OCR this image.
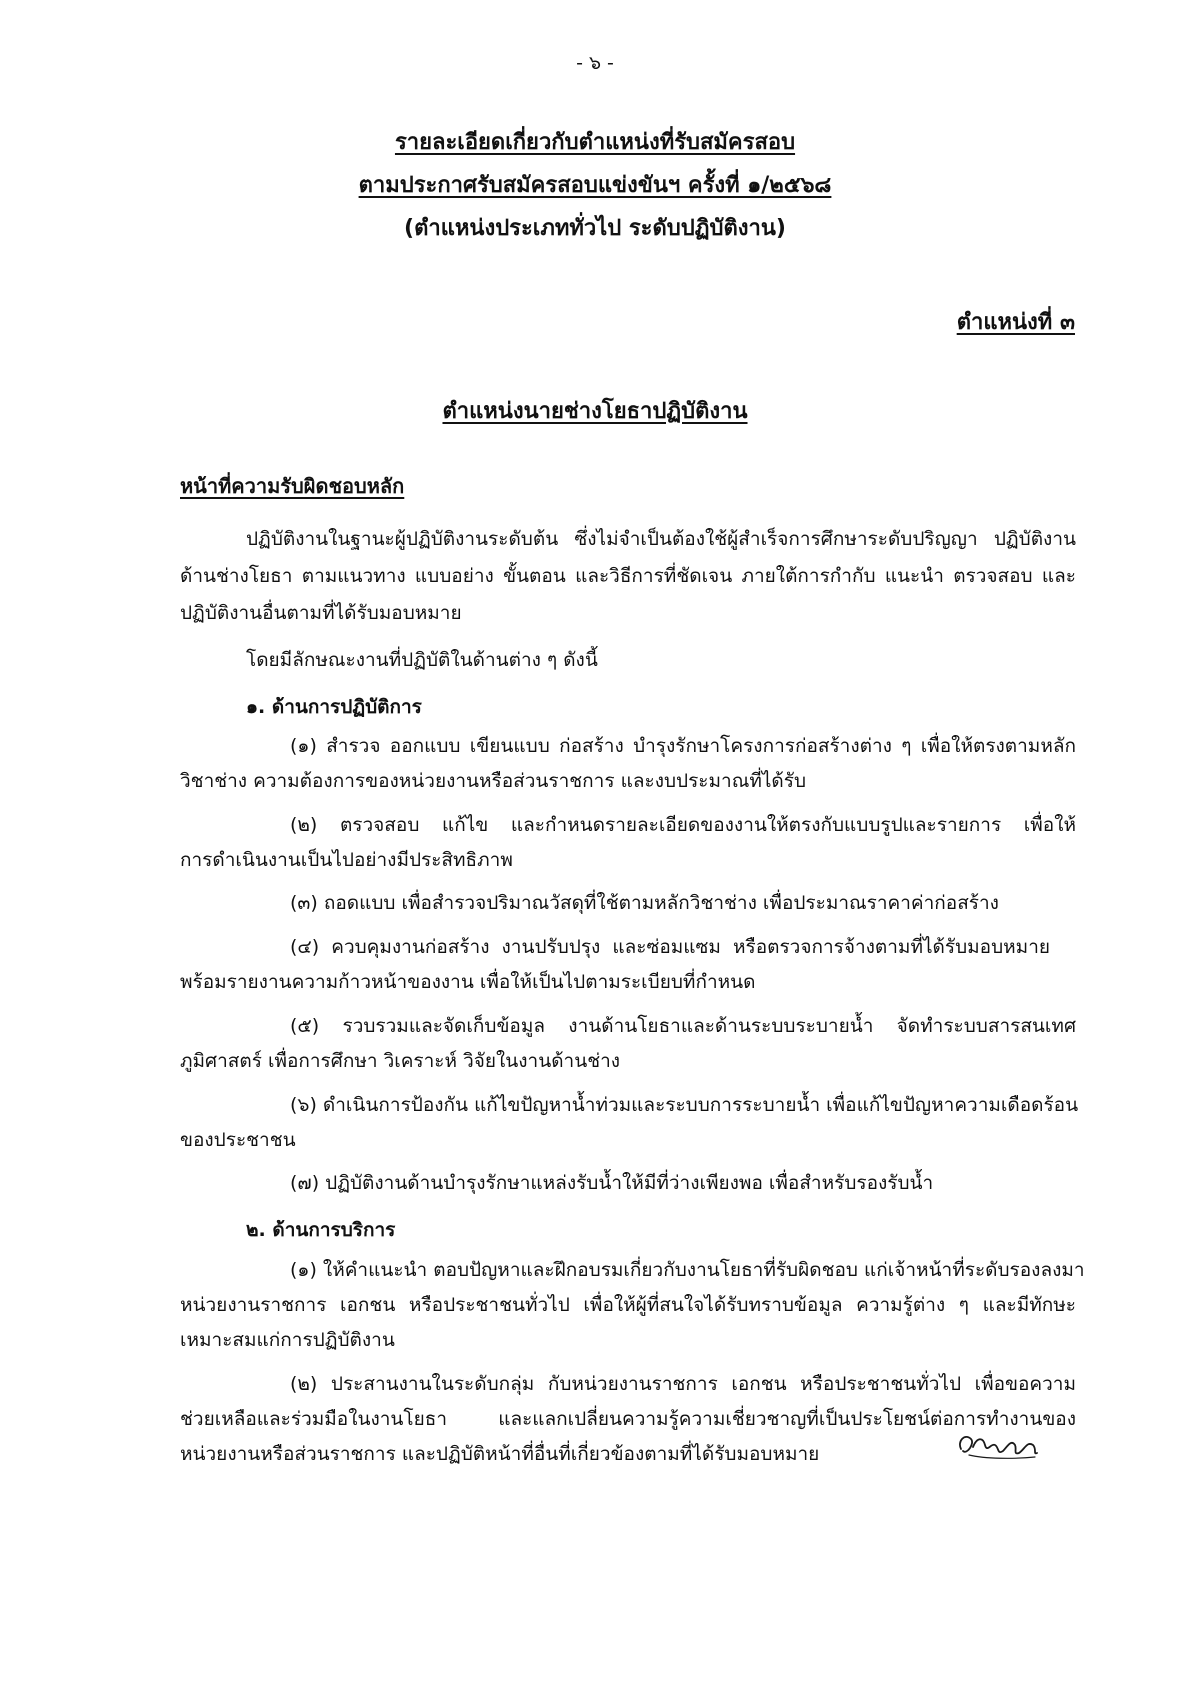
- ๖ -
รายละเอียดเกี่ยวกับตำแหน่งที่รับสมัครสอบ
ตามประกาศรับสมัครสอบแข่งขันฯ ครั้งที่ ๑/๒๕๖๘
(ตำแหน่งประเภททั่วไป ระดับปฏิบัติงาน)
ตำแหน่งที่ ๓
ตำแหน่งนายช่างโยธาปฏิบัติงาน
หน้าที่ความรับผิดชอบหลัก
ปฏิบัติงานในฐานะผู้ปฏิบัติงานระดับต้น ซึ่งไม่จำเป็นต้องใช้ผู้สำเร็จการศึกษาระดับปริญญา ปฏิบัติงาน
ด้านช่างโยธา ตามแนวทาง แบบอย่าง ขั้นตอน และวิธีการที่ชัดเจน ภายใต้การกำกับ แนะนำ ตรวจสอบ และ
ปฏิบัติงานอื่นตามที่ได้รับมอบหมาย
โดยมีลักษณะงานที่ปฏิบัติในด้านต่าง ๆ ดังนี้
๑. ด้านการปฏิบัติการ
(๑) สำรวจ ออกแบบ เขียนแบบ ก่อสร้าง บำรุงรักษาโครงการก่อสร้างต่าง ๆ เพื่อให้ตรงตามหลัก
วิชาช่าง ความต้องการของหน่วยงานหรือส่วนราชการ และงบประมาณที่ได้รับ
(๒) ตรวจสอบ แก้ไข และกำหนดรายละเอียดของงานให้ตรงกับแบบรูปและรายการ เพื่อให้
การดำเนินงานเป็นไปอย่างมีประสิทธิภาพ
(๓) ถอดแบบ เพื่อสำรวจปริมาณวัสดุที่ใช้ตามหลักวิชาช่าง เพื่อประมาณราคาค่าก่อสร้าง
(๔) ควบคุมงานก่อสร้าง งานปรับปรุง และซ่อมแซม หรือตรวจการจ้างตามที่ได้รับมอบหมาย
พร้อมรายงานความก้าวหน้าของงาน เพื่อให้เป็นไปตามระเบียบที่กำหนด
(๕) รวบรวมและจัดเก็บข้อมูล งานด้านโยธาและด้านระบบระบายน้ำ จัดทำระบบสารสนเทศ
ภูมิศาสตร์ เพื่อการศึกษา วิเคราะห์ วิจัยในงานด้านช่าง
(๖) ดำเนินการป้องกัน แก้ไขปัญหาน้ำท่วมและระบบการระบายน้ำ เพื่อแก้ไขปัญหาความเดือดร้อน
ของประชาชน
(๗) ปฏิบัติงานด้านบำรุงรักษาแหล่งรับน้ำให้มีที่ว่างเพียงพอ เพื่อสำหรับรองรับน้ำ
๒. ด้านการบริการ
(๑) ให้คำแนะนำ ตอบปัญหาและฝึกอบรมเกี่ยวกับงานโยธาที่รับผิดชอบ แก่เจ้าหน้าที่ระดับรองลงมา
หน่วยงานราชการ เอกชน หรือประชาชนทั่วไป เพื่อให้ผู้ที่สนใจได้รับทราบข้อมูล ความรู้ต่าง ๆ และมีทักษะ
เหมาะสมแก่การปฏิบัติงาน
(๒) ประสานงานในระดับกลุ่ม กับหน่วยงานราชการ เอกชน หรือประชาชนทั่วไป เพื่อขอความ
ช่วยเหลือและร่วมมือในงานโยธา และแลกเปลี่ยนความรู้ความเชี่ยวชาญที่เป็นประโยชน์ต่อการทำงานของ
หน่วยงานหรือส่วนราชการ และปฏิบัติหน้าที่อื่นที่เกี่ยวข้องตามที่ได้รับมอบหมาย
